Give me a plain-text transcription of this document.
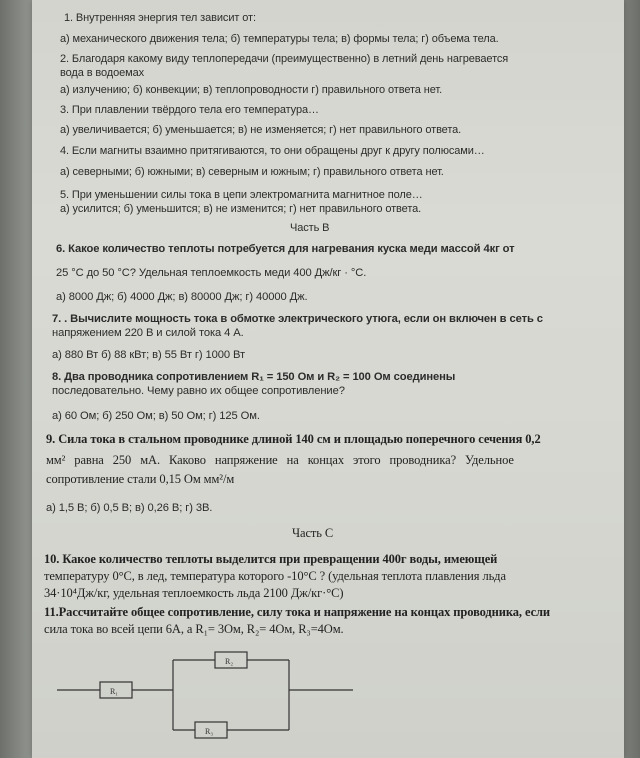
1. Внутренняя энергия тел зависит от:
а) механического движения тела; б) температуры тела; в) формы тела; г) объема тела.
2. Благодаря какому виду теплопередачи (преимущественно) в летний день нагревается
вода в водоемах
а) излучению; б) конвекции; в) теплопроводности г) правильного ответа нет.
3. При плавлении твёрдого тела его температура…
а) увеличивается; б) уменьшается; в) не изменяется; г) нет правильного ответа.
4. Если магниты взаимно притягиваются, то они обращены друг к другу полюсами…
а) северными; б) южными; в) северным и южным; г) правильного ответа нет.
5. При уменьшении силы тока в цепи электромагнита магнитное поле…
а) усилится; б) уменьшится; в) не изменится; г) нет правильного ответа.
Часть В
6. Какое количество теплоты потребуется для нагревания куска меди массой 4кг от
25 °С до 50 °С? Удельная теплоемкость меди 400 Дж/кг · °С.
а) 8000 Дж; б) 4000 Дж; в) 80000 Дж; г) 40000 Дж.
7. . Вычислите мощность тока в обмотке электрического утюга, если он включен в сеть с
напряжением 220 В и силой тока 4 А.
а) 880 Вт б) 88 кВт; в) 55 Вт г) 1000 Вт
8. Два проводника сопротивлением R₁ = 150 Ом и R₂ = 100 Ом соединены
последовательно. Чему равно их общее сопротивление?
а) 60 Ом; б) 250 Ом; в) 50 Ом; г) 125 Ом.
9. Сила тока в стальном проводнике длиной 140 см и площадью поперечного сечения 0,2
мм² равна 250 мА. Каково напряжение на концах этого проводника? Удельное
сопротивление стали 0,15 Ом мм²/м
а) 1,5 В; б) 0,5 В; в) 0,26 В; г) 3В.
Часть С
10. Какое количество теплоты выделится при превращении 400г воды, имеющей
температуру 0°С, в лед, температура которого -10°С ? (удельная теплота плавления льда
34·10⁴Дж/кг, удельная теплоемкость льда 2100 Дж/кг·°С)
11.Рассчитайте общее сопротивление, силу тока и напряжение на концах проводника, если
сила тока во всей цепи 6А, а R₁= 3Ом, R₂= 4Ом, R₃=4Ом.
R₁
R₂
R₃
